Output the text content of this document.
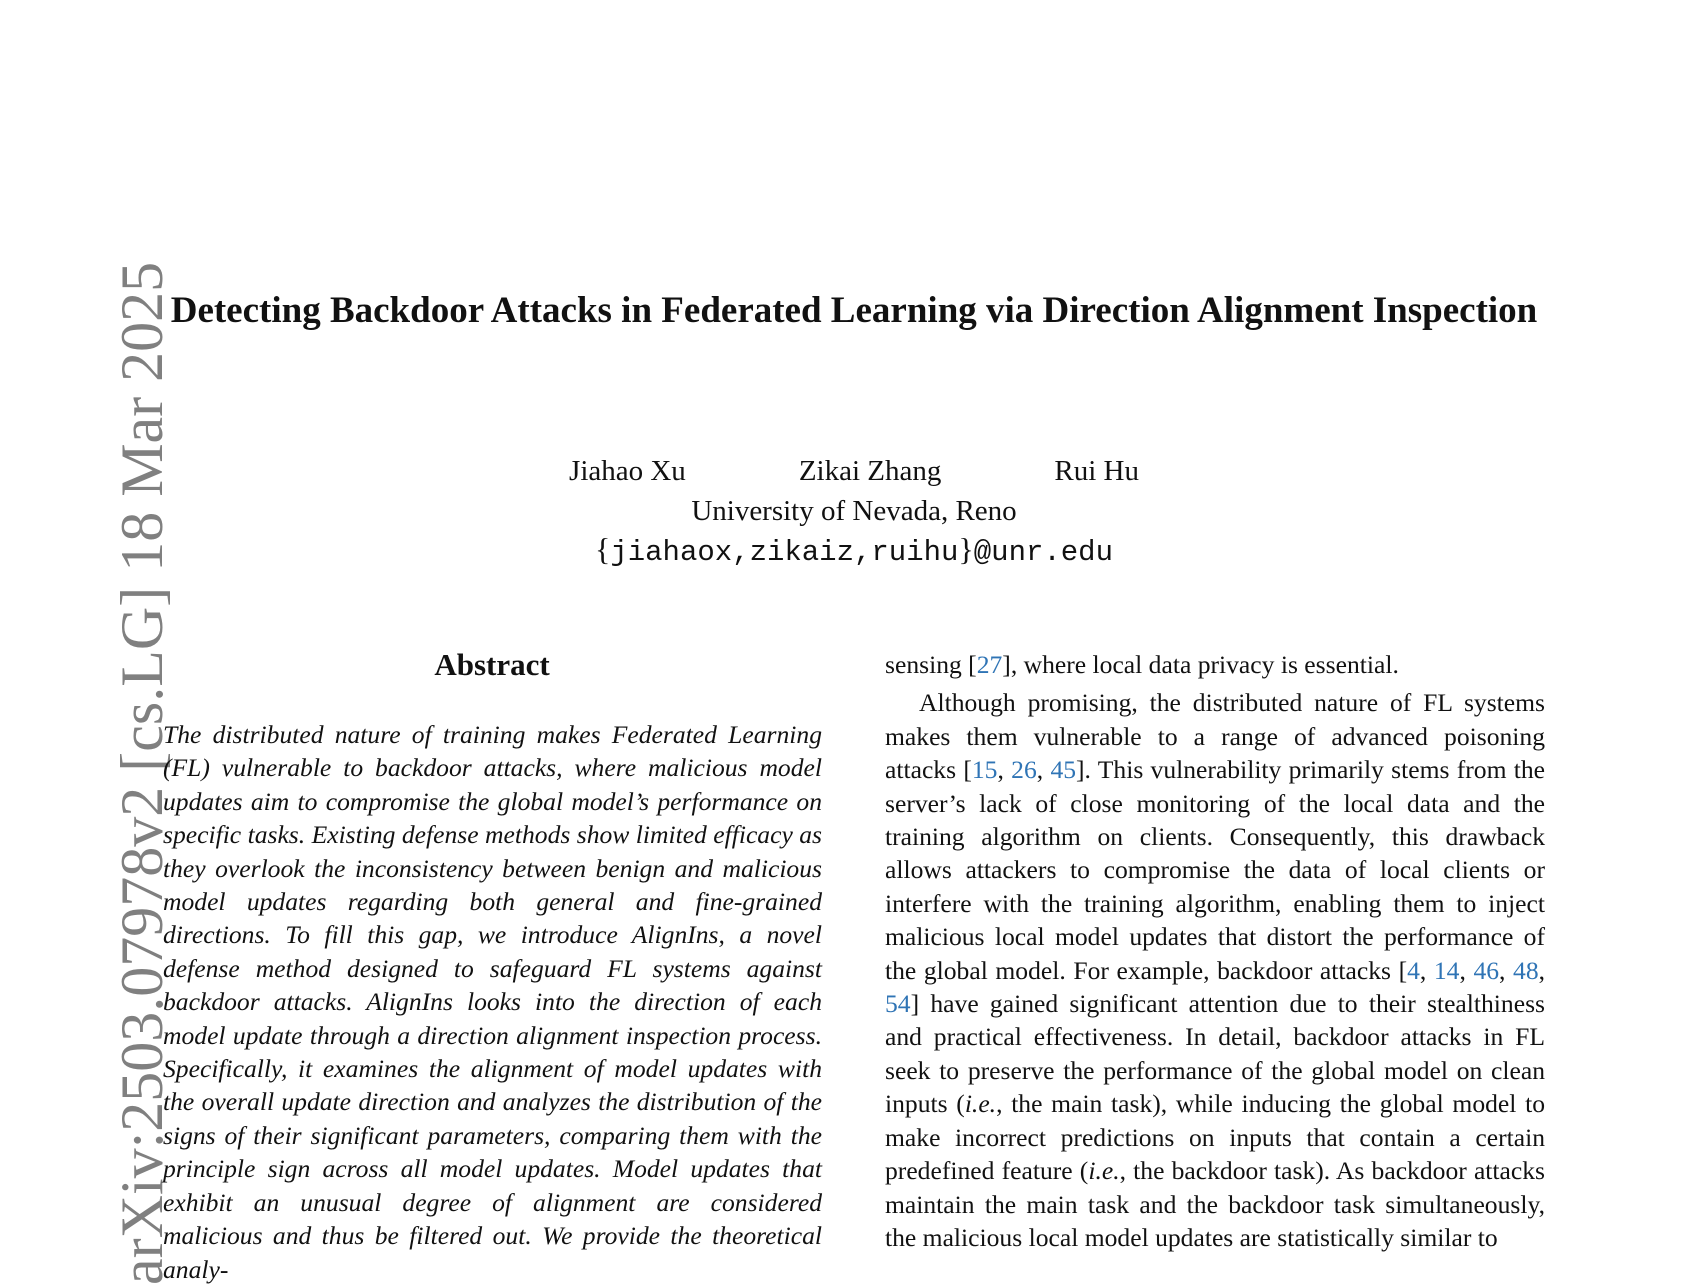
Detecting Backdoor Attacks in Federated Learning via Direction Alignment Inspection
Jiahao Xu	Zikai Zhang	Rui Hu
University of Nevada, Reno
{jiahaox,zikaiz,ruihu}@unr.edu
arXiv:2503.07978v2 [cs.LG] 18 Mar 2025	Abstract

The distributed nature of training makes Federated Learning (FL) vulnerable to backdoor attacks, where malicious model updates aim to compromise the global model’s performance on specific tasks. Existing defense methods show limited efficacy as they overlook the inconsistency between benign and malicious model updates regarding both general and fine-grained directions. To fill this gap, we introduce AlignIns, a novel defense method designed to safeguard FL systems against backdoor attacks. AlignIns looks into the direction of each model update through a direction alignment inspection process. Specifically, it examines the alignment of model updates with the overall update direction and analyzes the distribution of the signs of their significant parameters, comparing them with the principle sign across all model updates. Model updates that exhibit an unusual degree of alignment are considered malicious and thus be filtered out. We provide the theoretical analy-

sensing [27], where local data privacy is essential.

Although promising, the distributed nature of FL systems makes them vulnerable to a range of advanced poisoning attacks [15, 26, 45]. This vulnerability primarily stems from the server’s lack of close monitoring of the local data and the training algorithm on clients. Consequently, this drawback allows attackers to compromise the data of local clients or interfere with the training algorithm, enabling them to inject malicious local model updates that distort the performance of the global model. For example, backdoor attacks [4, 14, 46, 48, 54] have gained significant attention due to their stealthiness and practical effectiveness. In detail, backdoor attacks in FL seek to preserve the performance of the global model on clean inputs (i.e., the main task), while inducing the global model to make incorrect predictions on inputs that contain a certain predefined feature (i.e., the backdoor task). As backdoor attacks maintain the main task and the backdoor task simultaneously, the malicious local model updates are statistically similar to
